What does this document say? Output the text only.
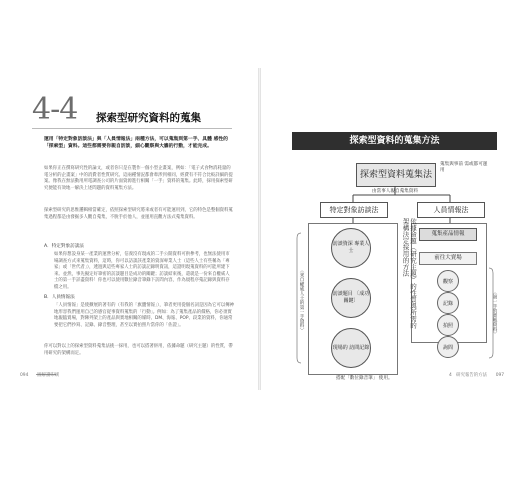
4-4 探索型研究資料的蒐集
運用「特定對象訪談法」與「人員情報法」兩種方法，可以蒐集到第一手、具體 感性的「探索型」資料。這些都需要你親自訪談，細心觀察與大膽的行動，才能完成。
如果你正在撰寫研究性的論文，或者你只是在製作一個小型企畫案，例如：「電子式食物消耗量的電分析的企畫案」中的消費者性質研究。這兩種情況都會牽涉到相同，經費有不符合比較詳細的提案。像我在無法動用所電調查公司的片面資源進行相關「一手」資料的蒐集。此時，採用探索型研究便能有效地一解決上述問題的資料蒐集方法。
探索型研究的思惟邏輯相當確定，依照探索型研究將來或者有可能運用到，它的特色是整個資料蒐集過程都是由發掘多人觀自蒐集，不脫手於他人，並運用直觀方法式蒐集資料。
A．特定對象訪談法
如果你想設身某一產業的運營分析，信義沒有現成的二手公開資料可供參考，也無法使用市場調查方式來蒐集資料，這時，你可以訪談該產業的資深專業人士（這些人士有些稱為「專家」或「世代者」），透過與這些專家人士的訪談記錄明資訊，這證明現蒐資料的可能所建下來。並然，事先擬定好筆密的訪談題目是成功的關鍵；訪談結束後，還就是一份來自權威人士的第一手詳盡資料！你也可以使用數位錄音筆錄下訪問內容，作為規程序蒐記錄與資料存檔之用。
B．人員情報法
「人員情報」是使擴展的著有的（有我的「旗鹽情報」），筆者更用從個名詞是因為它可以傳神地形容我們運用自己的感官從事資料蒐集的「行動」。例如：為了蒐集產品的價格，你必須實地親臨賣場，對陳列架上的產品與實地相關的媒時、DM、海報、POP、段業的資料，你通常要把它們抄寫、記錄、錄音整理，甚至以實拍照片當你的「佐證」。
你可以對以上的探索型資料蒐集法挑一採用，也可以搭著併用，依據命題（研究主題）的性質，帶用研究的架構而定。
094　　圖解讀印刷
探索型資料的蒐集方法
探索型資料蒐集法
蒐集與事前 需或都可運用
由當事人親自蒐集資料
特定對象訪談法	人員情報法
訪談資深 專業人士
訪談題目 〔成功關鍵〕
現場的 訪問記錄
蒐集產品情報
前往大賣場
觀察
記錄
拍照
詢問
〈來自權威人士的第一手資料〉	依據命題（研究主題）的性質與所需的架構決定採用的方法
〈第一手的實地資料〉
搭配「數位錄音筆」 使用。
4　研究報告的方法　　097
